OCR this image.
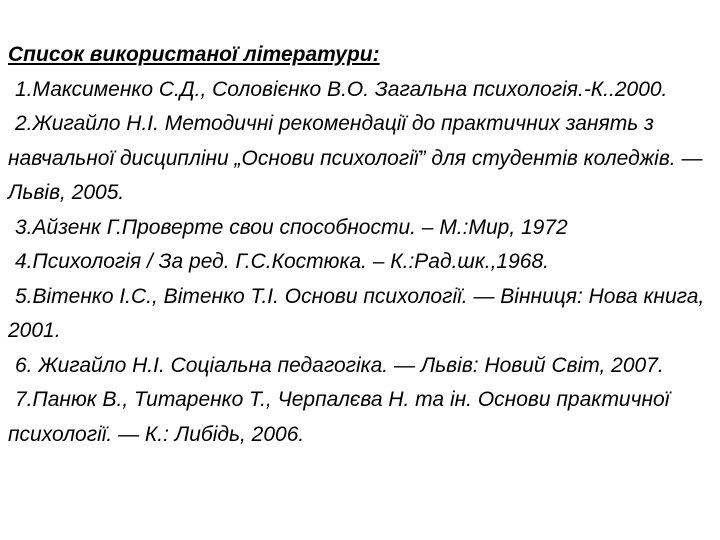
Список використаної літератури:

1.Максименко С.Д., Соловієнко В.О. Загальна психологія.-К..2000.

2.Жигайло Н.І. Методичні рекомендації до практичних занять з навчальної дисципліни „Основи психології” для студентів коледжів. — Львів, 2005.

3.Айзенк Г.Проверте свои способности. – М.:Мир, 1972

4.Психологія / За ред. Г.С.Костюка. – К.:Рад.шк.,1968.

5.Вітенко І.С., Вітенко Т.І. Основи психології. — Вінниця: Нова книга, 2001.

6. Жигайло Н.І. Соціальна педагогіка. — Львів: Новий Світ, 2007.

7.Панюк В., Титаренко Т., Черпалєва Н. та ін. Основи практичної психології. — К.: Либідь, 2006.
